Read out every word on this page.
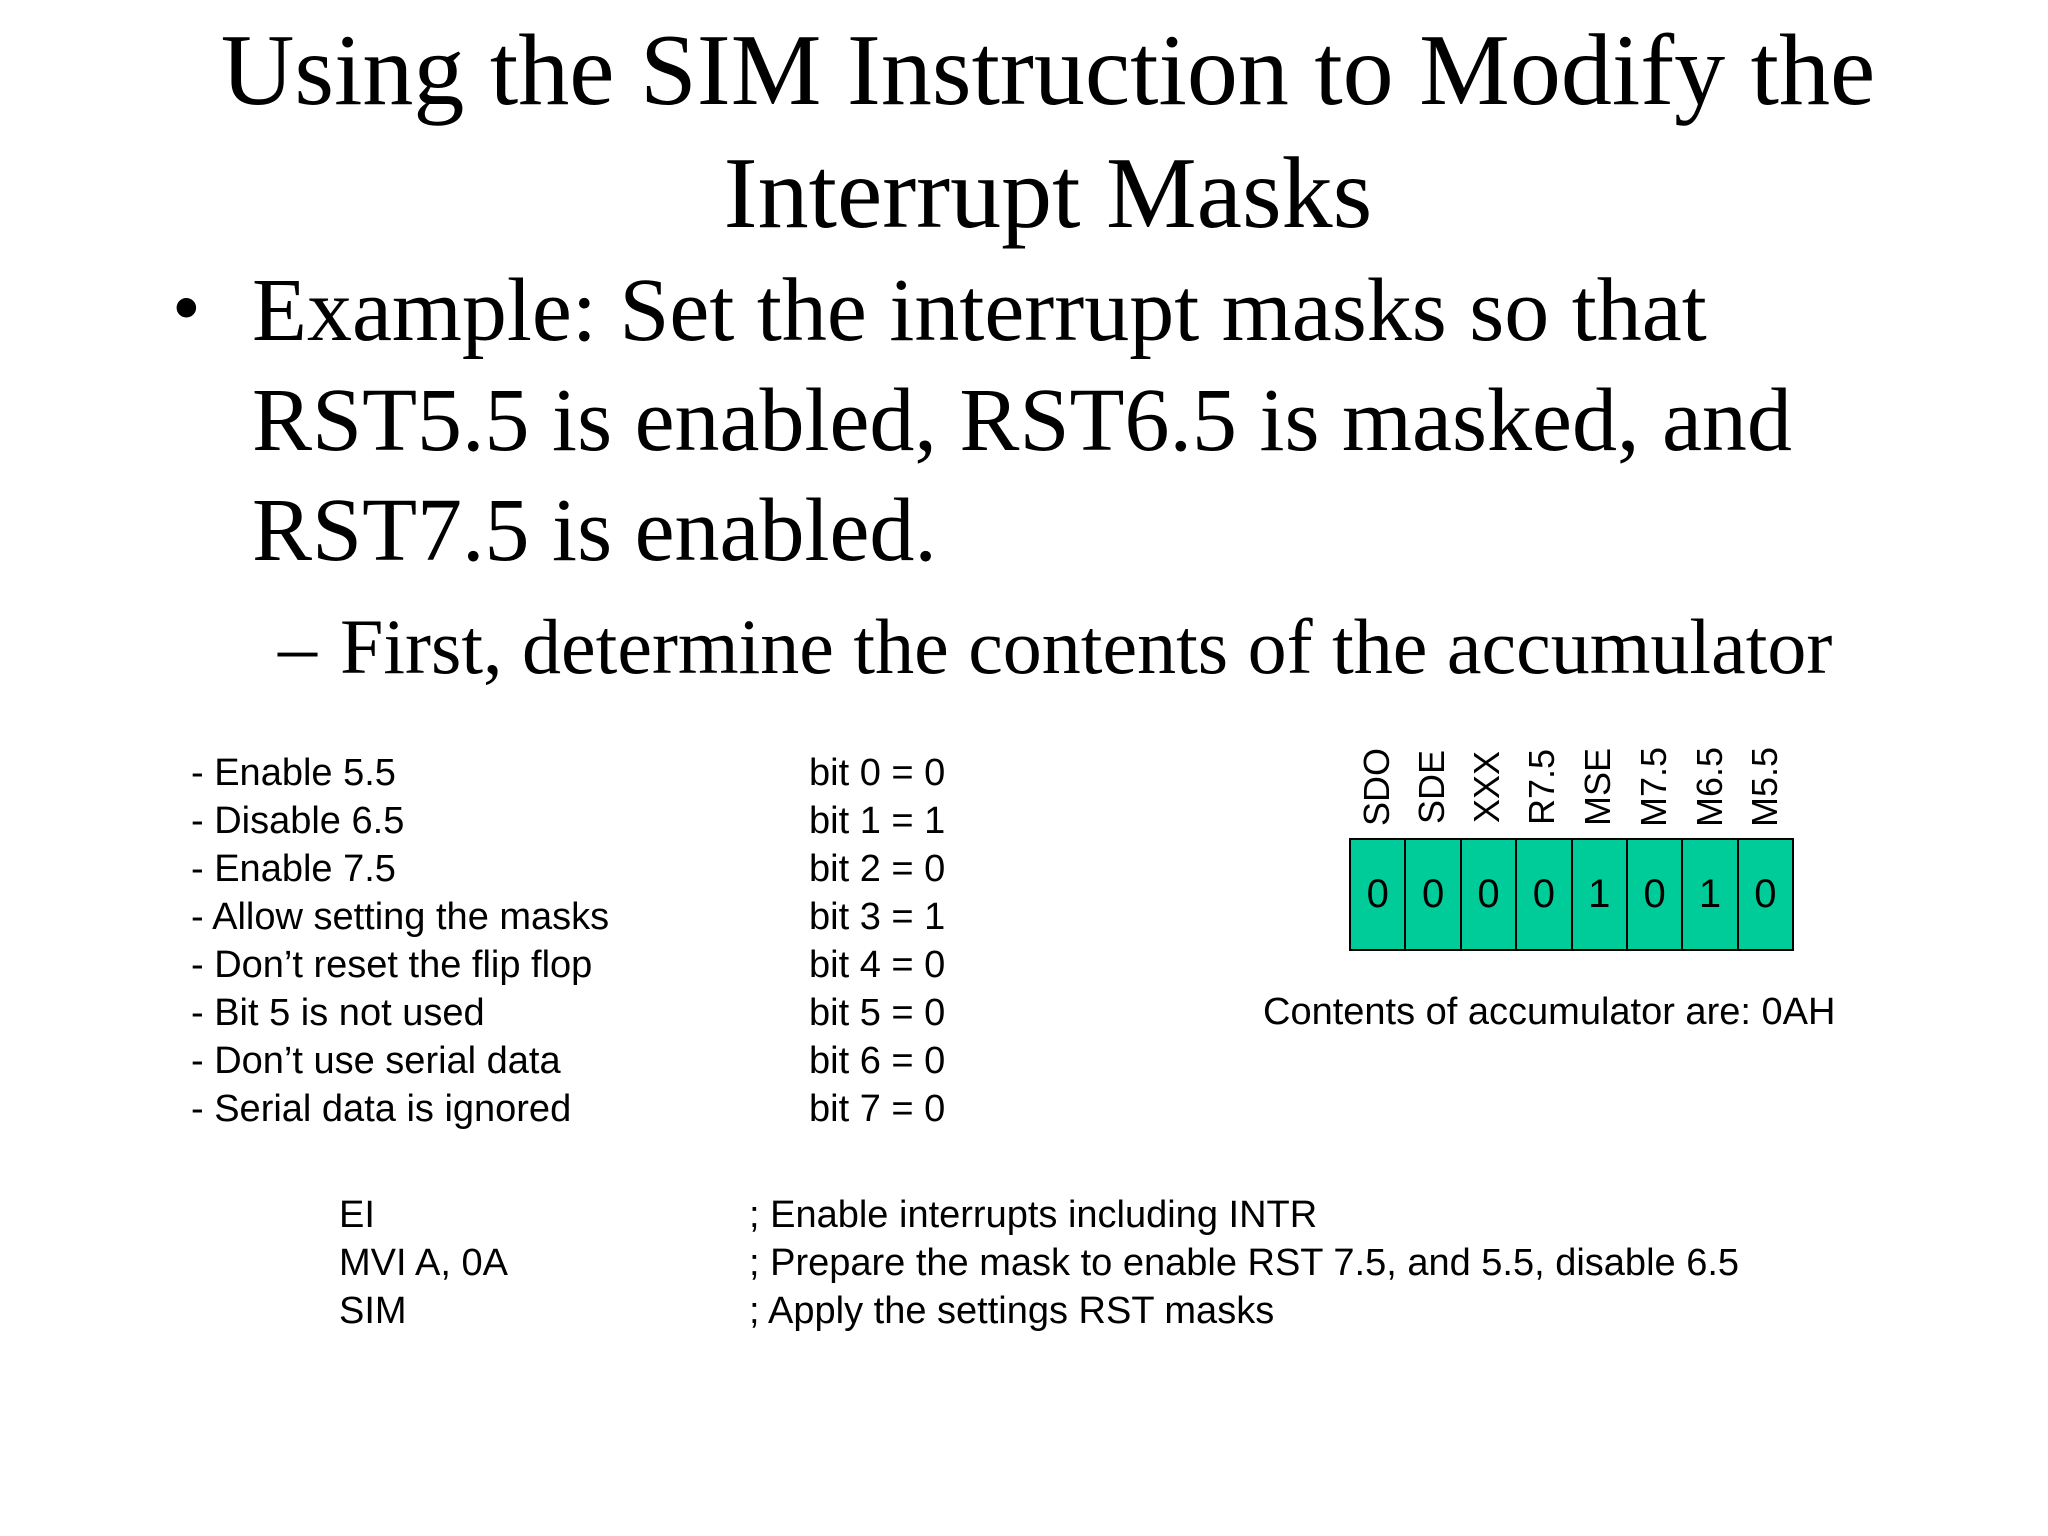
Using the SIM Instruction to Modify the
Interrupt Masks
• Example: Set the interrupt masks so that
RST5.5 is enabled, RST6.5 is masked, and
RST7.5 is enabled.
– First, determine the contents of the accumulator
- Enable 5.5	bit 0 = 0
- Disable 6.5	bit 1 = 1
- Enable 7.5	bit 2 = 0
- Allow setting the masks	bit 3 = 1
- Don’t reset the flip flop	bit 4 = 0
- Bit 5 is not used	bit 5 = 0
- Don’t use serial data	bit 6 = 0
- Serial data is ignored	bit 7 = 0
SDO SDE XXX R7.5 MSE M7.5 M6.5 M5.5
0	0	0	0	1	0	1	0
Contents of accumulator are: 0AH
EI	; Enable interrupts including INTR
MVI A, 0A	; Prepare the mask to enable RST 7.5, and 5.5, disable 6.5
SIM	; Apply the settings RST masks
